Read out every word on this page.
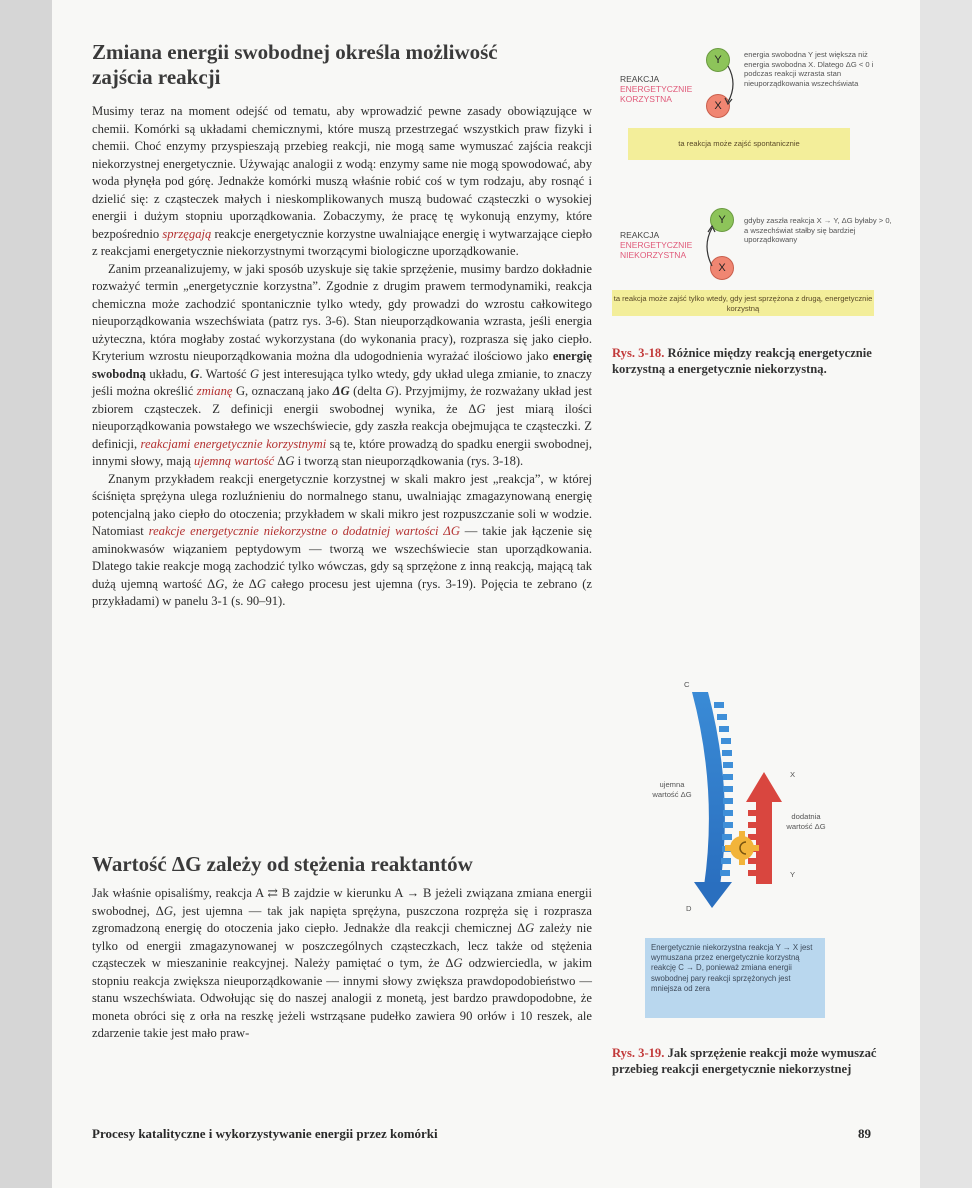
Zmiana energii swobodnej określa możliwość zajścia reakcji

Musimy teraz na moment odejść od tematu, aby wprowadzić pewne zasady obowiązujące w chemii. Komórki są układami chemicznymi, które muszą przestrzegać wszystkich praw fizyki i chemii. Choć enzymy przyspieszają przebieg reakcji, nie mogą same wymuszać zajścia reakcji niekorzystnej energetycznie. Używając analogii z wodą: enzymy same nie mogą spowodować, aby woda płynęła pod górę. Jednakże komórki muszą właśnie robić coś w tym rodzaju, aby rosnąć i dzielić się: z cząsteczek małych i nieskomplikowanych muszą budować cząsteczki o wysokiej energii i dużym stopniu uporządkowania. Zobaczymy, że pracę tę wykonują enzymy, które bezpośrednio sprzęgają reakcje energetycznie korzystne uwalniające energię i wytwarzające ciepło z reakcjami energetycznie niekorzystnymi tworzącymi biologiczne uporządkowanie.

Zanim przeanalizujemy, w jaki sposób uzyskuje się takie sprzężenie, musimy bardzo dokładnie rozważyć termin „energetycznie korzystna”. Zgodnie z drugim prawem termodynamiki, reakcja chemiczna może zachodzić spontanicznie tylko wtedy, gdy prowadzi do wzrostu całkowitego nieuporządkowania wszechświata (patrz rys. 3-6). Stan nieuporządkowania wzrasta, jeśli energia użyteczna, która mogłaby zostać wykorzystana (do wykonania pracy), rozprasza się jako ciepło. Kryterium wzrostu nieuporządkowania można dla udogodnienia wyrażać ilościowo jako energię swobodną układu, G. Wartość G jest interesująca tylko wtedy, gdy układ ulega zmianie, to znaczy jeśli można określić zmianę G, oznaczaną jako ΔG (delta G). Przyjmijmy, że rozważany układ jest zbiorem cząsteczek. Z definicji energii swobodnej wynika, że ΔG jest miarą ilości nieuporządkowania powstałego we wszechświecie, gdy zaszła reakcja obejmująca te cząsteczki. Z definicji, reakcjami energetycznie korzystnymi są te, które prowadzą do spadku energii swobodnej, innymi słowy, mają ujemną wartość ΔG i tworzą stan nieuporządkowania (rys. 3-18).

Znanym przykładem reakcji energetycznie korzystnej w skali makro jest „reakcja”, w której ściśnięta sprężyna ulega rozluźnieniu do normalnego stanu, uwalniając zmagazynowaną energię potencjalną jako ciepło do otoczenia; przykładem w skali mikro jest rozpuszczanie soli w wodzie. Natomiast reakcje energetycznie niekorzystne o dodatniej wartości ΔG — takie jak łączenie się aminokwasów wiązaniem peptydowym — tworzą we wszechświecie stan uporządkowania. Dlatego takie reakcje mogą zachodzić tylko wówczas, gdy są sprzężone z inną reakcją, mającą tak dużą ujemną wartość ΔG, że ΔG całego procesu jest ujemna (rys. 3-19). Pojęcia te zebrano (z przykładami) w panelu 3-1 (s. 90–91).

Wartość ΔG zależy od stężenia reaktantów

Jak właśnie opisaliśmy, reakcja A ⇄ B zajdzie w kierunku A → B jeżeli związana zmiana energii swobodnej, ΔG, jest ujemna — tak jak napięta sprężyna, puszczona rozpręża się i rozprasza zgromadzoną energię do otoczenia jako ciepło. Jednakże dla reakcji chemicznej ΔG zależy nie tylko od energii zmagazynowanej w poszczególnych cząsteczkach, lecz także od stężenia cząsteczek w mieszaninie reakcyjnej. Należy pamiętać o tym, że ΔG odzwierciedla, w jakim stopniu reakcja zwiększa nieuporządkowanie — innymi słowy zwiększa prawdopodobieństwo — stanu wszechświata. Odwołując się do naszej analogii z monetą, jest bardzo prawdopodobne, że moneta obróci się z orła na reszkę jeżeli wstrząsane pudełko zawiera 90 orłów i 10 reszek, ale zdarzenie takie jest mało praw-

REAKCJA
ENERGETYCZNIE
KORZYSTNA
Y
X
energia swobodna Y jest większa niż energia swobodna X. Dlatego ΔG < 0 i podczas reakcji wzrasta stan nieuporządkowania wszechświata
ta reakcja może zajść spontanicznie
REAKCJA
ENERGETYCZNIE
NIEKORZYSTNA
Y
X
gdyby zaszła reakcja X → Y, ΔG byłaby > 0, a wszechświat stałby się bardziej uporządkowany
ta reakcja może zajść tylko wtedy, gdy jest sprzężona z drugą, energetycznie korzystną
Rys. 3-18. Różnice między reakcją energetycznie korzystną a energetycznie niekorzystną.
C
D
X
Y
ujemna wartość ΔG
dodatnia wartość ΔG
Energetycznie niekorzystna reakcja Y → X jest wymuszana przez energetycznie korzystną reakcję C → D, ponieważ zmiana energii swobodnej pary reakcji sprzężonych jest mniejsza od zera
Rys. 3-19. Jak sprzężenie reakcji może wymuszać przebieg reakcji energetycznie niekorzystnej
Procesy katalityczne i wykorzystywanie energii przez komórki	89
